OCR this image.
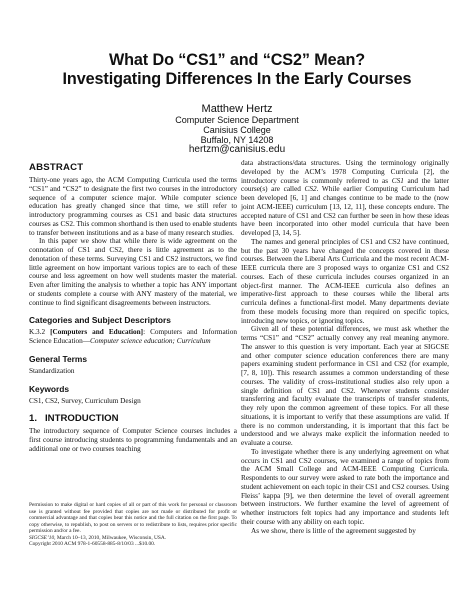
What Do “CS1” and “CS2” Mean?
Investigating Differences In the Early Courses
Matthew Hertz
Computer Science Department
Canisius College
Buffalo, NY 14208
hertzm@canisius.edu
ABSTRACT

Thirty-one years ago, the ACM Computing Curricula used the terms “CS1” and “CS2” to designate the first two courses in the introductory sequence of a computer science major. While computer science education has greatly changed since that time, we still refer to introductory programming courses as CS1 and basic data structures courses as CS2. This common shorthand is then used to enable students to transfer between institutions and as a base of many research studies.

In this paper we show that while there is wide agreement on the connotation of CS1 and CS2, there is little agreement as to the denotation of these terms. Surveying CS1 and CS2 instructors, we find little agreement on how important various topics are to each of these course and less agreement on how well students master the material. Even after limiting the analysis to whether a topic has ANY important or students complete a course with ANY mastery of the material, we continue to find significant disagreements between instructors.

Categories and Subject Descriptors

K.3.2 [Computers and Education]: Computers and Information Science Education—Computer science education; Curriculum

General Terms

Standardization

Keywords

CS1, CS2, Survey, Curriculum Design

1. INTRODUCTION

The introductory sequence of Computer Science courses includes a first course introducing students to programming fundamentals and an additional one or two courses teaching

Permission to make digital or hard copies of all or part of this work for personal or classroom use is granted without fee provided that copies are not made or distributed for profit or commercial advantage and that copies bear this notice and the full citation on the first page. To copy otherwise, to republish, to post on servers or to redistribute to lists, requires prior specific permission and/or a fee.

SIGCSE’10, March 10–13, 2010, Milwaukee, Wisconsin, USA.

Copyright 2010 ACM 978-1-60558-885-8/10/03 ...$10.00.

data abstractions/data structures. Using the terminology originally developed by the ACM’s 1978 Computing Curricula [2], the introductory course is commonly referred to as CS1 and the latter course(s) are called CS2. While earlier Computing Curriculum had been developed [6, 1] and changes continue to be made to the (now joint ACM-IEEE) curriculum [13, 12, 11], these concepts endure. The accepted nature of CS1 and CS2 can further be seen in how these ideas have been incorporated into other model curricula that have been developed [3, 14, 5].

The names and general principles of CS1 and CS2 have continued, but the past 30 years have changed the concepts covered in these courses. Between the Liberal Arts Curricula and the most recent ACM-IEEE curricula there are 3 proposed ways to organize CS1 and CS2 courses. Each of these curricula includes courses organized in an object-first manner. The ACM-IEEE curricula also defines an imperative-first approach to these courses while the liberal arts curricula defines a functional-first model. Many departments deviate from these models focusing more than required on specific topics, introducing new topics, or ignoring topics.

Given all of these potential differences, we must ask whether the terms “CS1” and “CS2” actually convey any real meaning anymore. The answer to this question is very important. Each year at SIGCSE and other computer science education conferences there are many papers examining student performance in CS1 and CS2 (for example, [7, 8, 10]). This research assumes a common understanding of these courses. The validity of cross-institutional studies also rely upon a single definition of CS1 and CS2. Whenever students consider transferring and faculty evaluate the transcripts of transfer students, they rely upon the common agreement of these topics. For all these situations, it is important to verify that these assumptions are valid. If there is no common understanding, it is important that this fact be understood and we always make explicit the information needed to evaluate a course.

To investigate whether there is any underlying agreement on what occurs in CS1 and CS2 courses, we examined a range of topics from the ACM Small College and ACM-IEEE Computing Curricula. Respondents to our survey were asked to rate both the importance and student achievement on each topic in their CS1 and CS2 courses. Using Fleiss’ kappa [9], we then determine the level of overall agreement between instructors. We further examine the level of agreement of whether instructors felt topics had any importance and students left their course with any ability on each topic.

As we show, there is little of the agreement suggested by
